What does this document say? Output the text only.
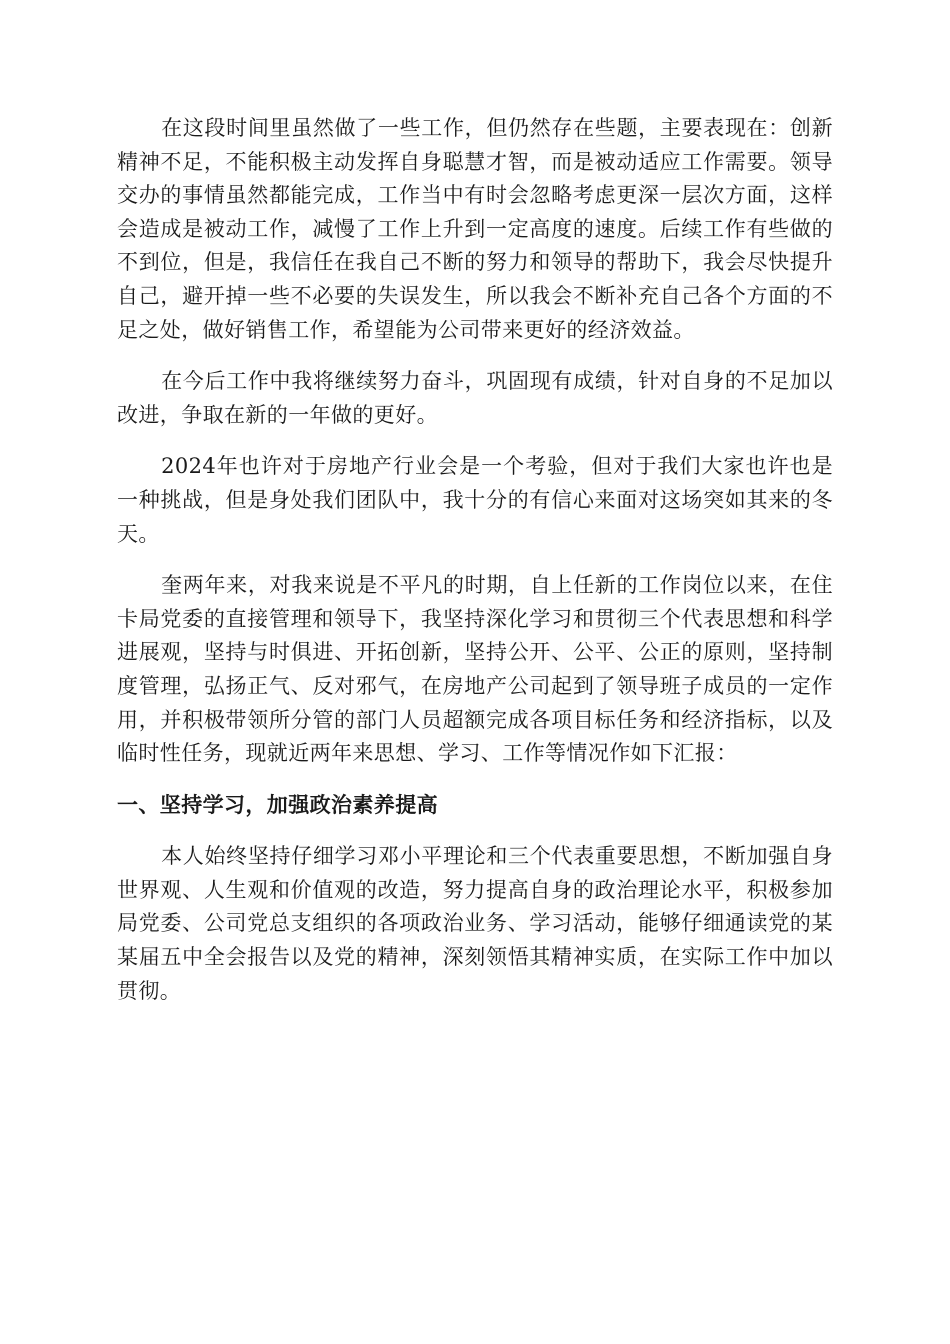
在这段时间里虽然做了一些工作，但仍然存在些题，主要表现在：创新精神不足，不能积极主动发挥自身聪慧才智，而是被动适应工作需要。领导交办的事情虽然都能完成，工作当中有时会忽略考虑更深一层次方面，这样会造成是被动工作，减慢了工作上升到一定高度的速度。后续工作有些做的不到位，但是，我信任在我自己不断的努力和领导的帮助下，我会尽快提升自己，避开掉一些不必要的失误发生，所以我会不断补充自己各个方面的不足之处，做好销售工作，希望能为公司带来更好的经济效益。

在今后工作中我将继续努力奋斗，巩固现有成绩，针对自身的不足加以改进，争取在新的一年做的更好。

2024年也许对于房地产行业会是一个考验，但对于我们大家也许也是一种挑战，但是身处我们团队中，我十分的有信心来面对这场突如其来的冬天。

奎两年来，对我来说是不平凡的时期，自上任新的工作岗位以来，在住卡局党委的直接管理和领导下，我坚持深化学习和贯彻三个代表思想和科学进展观，坚持与时俱进、开拓创新，坚持公开、公平、公正的原则，坚持制度管理，弘扬正气、反对邪气，在房地产公司起到了领导班子成员的一定作用，并积极带领所分管的部门人员超额完成各项目标任务和经济指标，以及临时性任务，现就近两年来思想、学习、工作等情况作如下汇报：

一、坚持学习，加强政治素养提高

本人始终坚持仔细学习邓小平理论和三个代表重要思想，不断加强自身世界观、人生观和价值观的改造，努力提高自身的政治理论水平，积极参加局党委、公司党总支组织的各项政治业务、学习活动，能够仔细通读党的某某届五中全会报告以及党的精神，深刻领悟其精神实质，在实际工作中加以贯彻。
